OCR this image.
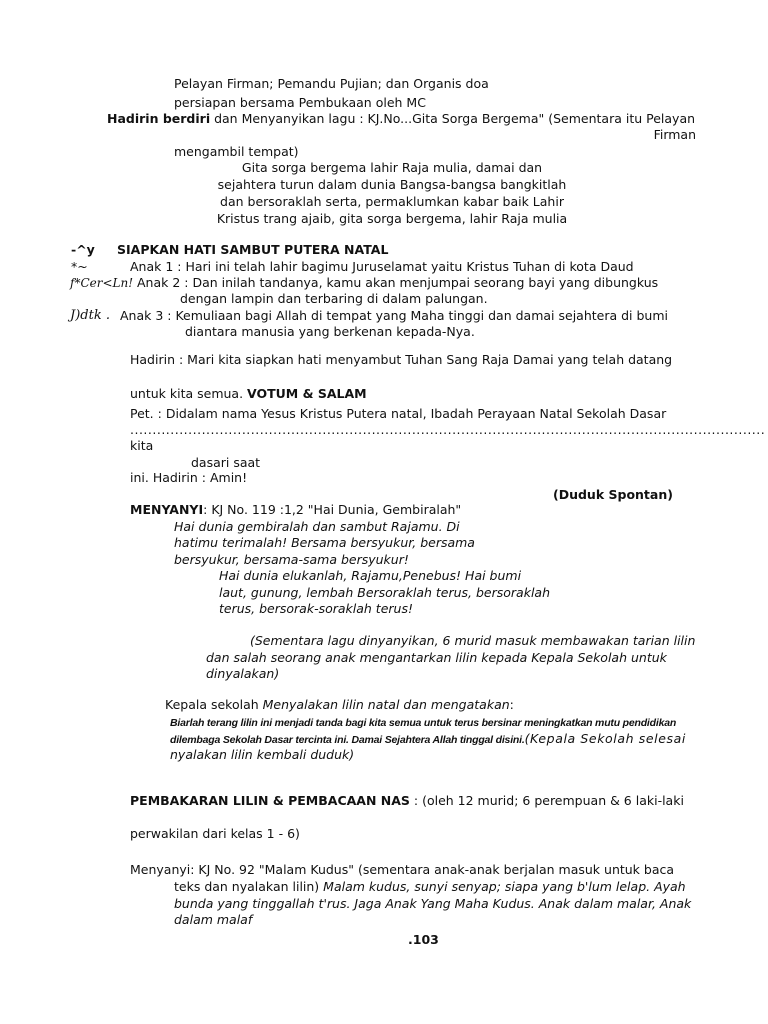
Pelayan Firman; Pemandu Pujian; dan Organis doa
persiapan bersama Pembukaan oleh MC
Hadirin berdiri dan Menyanyikan lagu : KJ.No...Gita Sorga Bergema" (Sementara itu Pelayan
Firman
mengambil tempat)
Gita sorga bergema lahir Raja mulia, damai dan
sejahtera turun dalam dunia Bangsa-bangsa bangkitlah
dan bersoraklah serta, permaklumkan kabar baik Lahir
Kristus trang ajaib, gita sorga bergema, lahir Raja mulia
-^y SIAPKAN HATI SAMBUT PUTERA NATAL
*~	Anak 1 : Hari ini telah lahir bagimu Juruselamat yaitu Kristus Tuhan di kota Daud
f*Cer<Ln! Anak 2 : Dan inilah tandanya, kamu akan menjumpai seorang bayi yang dibungkus
dengan lampin dan terbaring di dalam palungan.
J)dtk . Anak 3 : Kemuliaan bagi Allah di tempat yang Maha tinggi dan damai sejahtera di bumi
diantara manusia yang berkenan kepada-Nya.
Hadirin : Mari kita siapkan hati menyambut Tuhan Sang Raja Damai yang telah datang
untuk kita semua. VOTUM & SALAM
Pet. : Didalam nama Yesus Kristus Putera natal, Ibadah Perayaan Natal Sekolah Dasar
..............................................................................................................................................
kita
dasari saat
ini. Hadirin : Amin!
(Duduk Spontan)
MENYANYI: KJ No. 119 :1,2 "Hai Dunia, Gembiralah"
Hai dunia gembiralah dan sambut Rajamu. Di
hatimu terimalah! Bersama bersyukur, bersama
bersyukur, bersama-sama bersyukur!
Hai dunia elukanlah, Rajamu,Penebus! Hai bumi
laut, gunung, lembah Bersoraklah terus, bersoraklah
terus, bersorak-soraklah terus!
(Sementara lagu dinyanyikan, 6 murid masuk membawakan tarian lilin
dan salah seorang anak mengantarkan lilin kepada Kepala Sekolah untuk
dinyalakan)
Kepala sekolah Menyalakan lilin natal dan mengatakan:
Biarlah terang lilin ini menjadi tanda bagi kita semua untuk terus bersinar meningkatkan mutu pendidikan
dilembaga Sekolah Dasar tercinta ini. Damai Sejahtera Allah tinggal disini.(Kepala Sekolah selesai
nyalakan lilin kembali duduk)
PEMBAKARAN LILIN & PEMBACAAN NAS : (oleh 12 murid; 6 perempuan & 6 laki-laki
perwakilan dari kelas 1 - 6)
Menyanyi: KJ No. 92 "Malam Kudus" (sementara anak-anak berjalan masuk untuk baca
teks dan nyalakan lilin) Malam kudus, sunyi senyap; siapa yang b'lum lelap. Ayah
bunda yang tinggallah t'rus. Jaga Anak Yang Maha Kudus. Anak dalam malar, Anak
dalam malaf
.103
